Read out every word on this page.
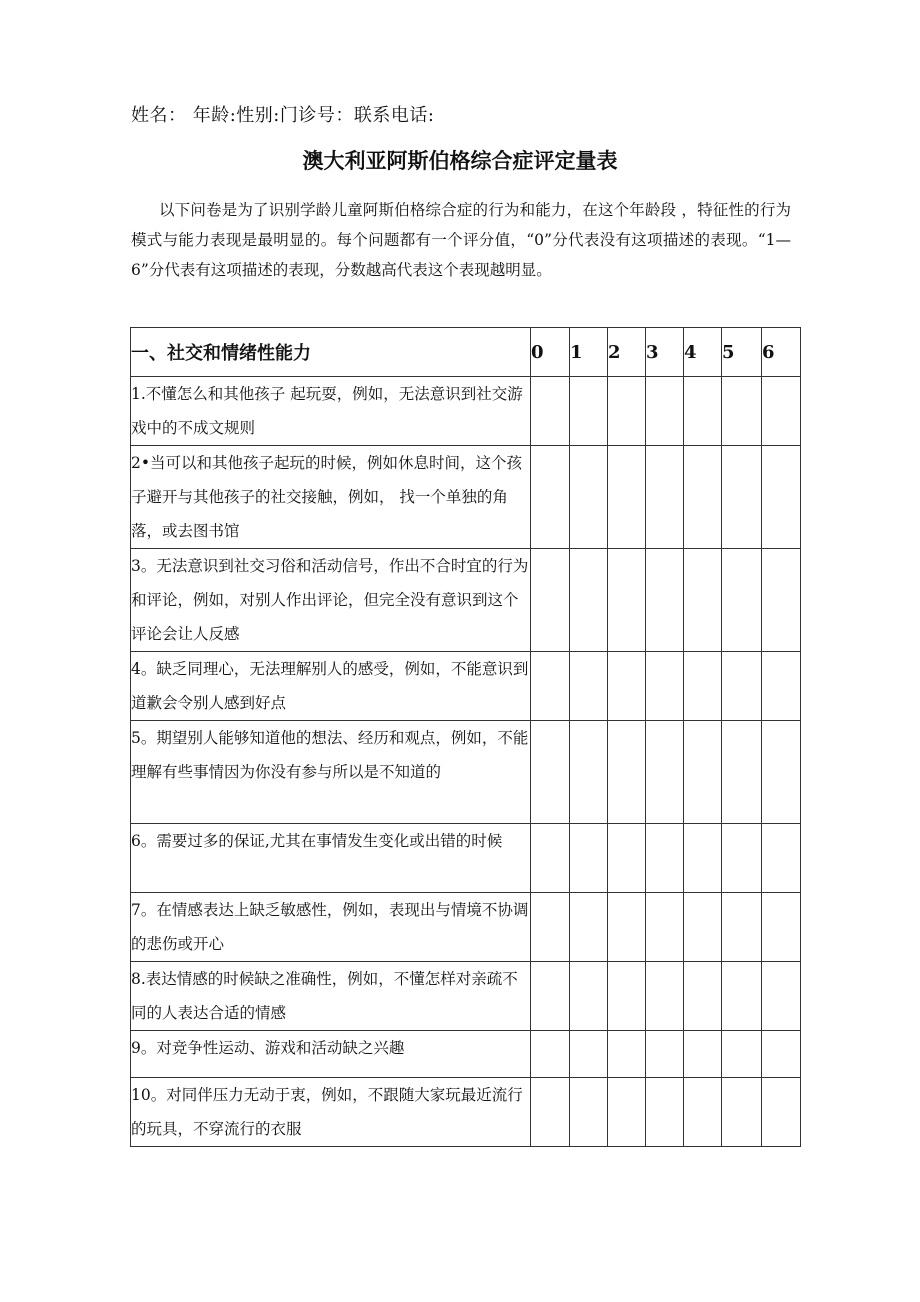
姓名： 年龄:性别:门诊号：联系电话:
澳大利亚阿斯伯格综合症评定量表
以下问卷是为了识别学龄儿童阿斯伯格综合症的行为和能力，在这个年龄段 ，特征性的行为模式与能力表现是最明显的。每个问题都有一个评分值，“0”分代表没有这项描述的表现。“1—6”分代表有这项描述的表现，分数越高代表这个表现越明显。
一、社交和情绪性能力	0	1	2	3	4	5	6
1.不懂怎么和其他孩子 起玩耍，例如，无法意识到社交游戏中的不成文规则							
2•当可以和其他孩子起玩的时候，例如休息时间，这个孩子避开与其他孩子的社交接触，例如， 找一个单独的角落，或去图书馆							
3。无法意识到社交习俗和活动信号，作出不合时宜的行为和评论，例如，对别人作出评论，但完全没有意识到这个评论会让人反感							
4。缺乏同理心，无法理解别人的感受，例如，不能意识到道歉会令别人感到好点							
5。期望别人能够知道他的想法、经历和观点，例如，不能理解有些事情因为你没有参与所以是不知道的							
6。需要过多的保证,尤其在事情发生变化或出错的时候							
7。在情感表达上缺乏敏感性，例如，表现出与情境不协调的悲伤或开心							
8.表达情感的时候缺之准确性，例如，不懂怎样对亲疏不同的人表达合适的情感							
9。对竞争性运动、游戏和活动缺之兴趣							
10。对同伴压力无动于衷，例如，不跟随大家玩最近流行的玩具，不穿流行的衣服							
